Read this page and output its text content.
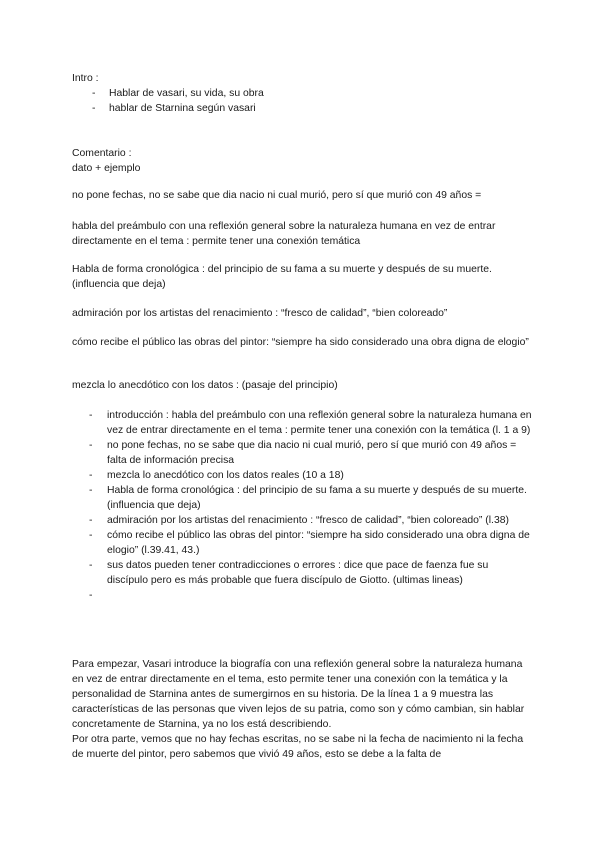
Intro :
- Hablar de vasari, su vida, su obra
- hablar de Starnina según vasari
Comentario :
dato + ejemplo
no pone fechas, no se sabe que dia nacio ni cual murió, pero sí que murió con 49 años =
habla del preámbulo con una reflexión general sobre la naturaleza humana en vez de entrar directamente en el tema : permite tener una conexión temática
Habla de forma cronológica : del principio de su fama a su muerte y después de su muerte. (influencia que deja)
admiración por los artistas del renacimiento : “fresco de calidad”, “bien coloreado”
cómo recibe el público las obras del pintor: “siempre ha sido considerado una obra digna de elogio”
mezcla lo anecdótico con los datos : (pasaje del principio)
- introducción : habla del preámbulo con una reflexión general sobre la naturaleza humana en vez de entrar directamente en el tema : permite tener una conexión con la temática (l. 1 a 9)
- no pone fechas, no se sabe que dia nacio ni cual murió, pero sí que murió con 49 años = falta de información precisa
- mezcla lo anecdótico con los datos reales (10 a 18)
- Habla de forma cronológica : del principio de su fama a su muerte y después de su muerte. (influencia que deja)
- admiración por los artistas del renacimiento : “fresco de calidad”, “bien coloreado” (l.38)
- cómo recibe el público las obras del pintor: “siempre ha sido considerado una obra digna de elogio” (l.39.41, 43.)
- sus datos pueden tener contradicciones o errores : dice que pace de faenza fue su discípulo pero es más probable que fuera discípulo de Giotto. (ultimas lineas)
-
Para empezar, Vasari introduce la biografía con una reflexión general sobre la naturaleza humana en vez de entrar directamente en el tema, esto permite tener una conexión con la temática y la personalidad de Starnina antes de sumergirnos en su historia. De la línea 1 a 9 muestra las características de las personas que viven lejos de su patria, como son y cómo cambian, sin hablar concretamente de Starnina, ya no los está describiendo.
Por otra parte, vemos que no hay fechas escritas, no se sabe ni la fecha de nacimiento ni la fecha de muerte del pintor, pero sabemos que vivió 49 años, esto se debe a la falta de
